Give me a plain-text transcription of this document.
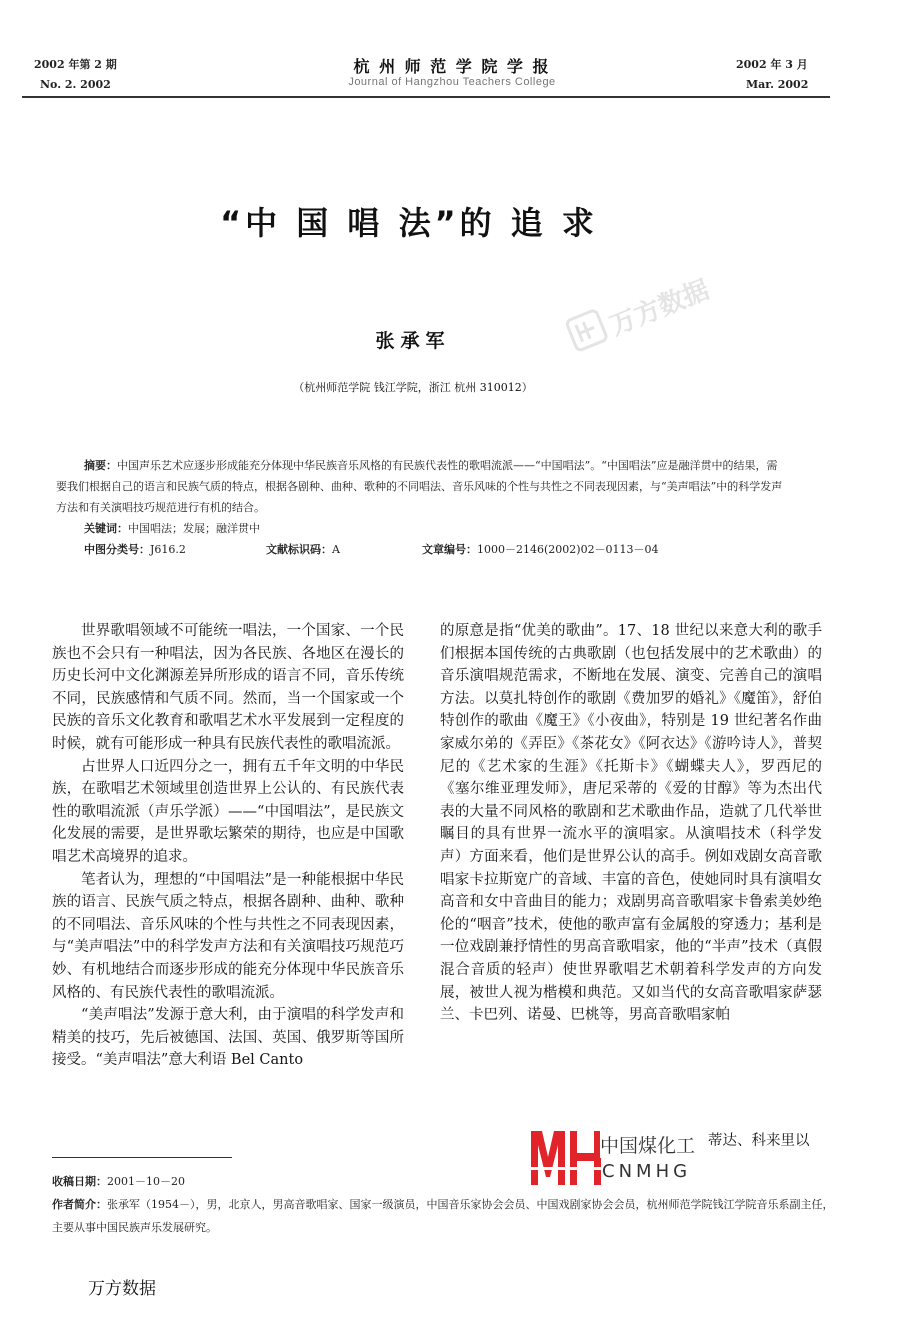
2002 年第 2 期
No. 2. 2002
杭 州 师 范 学 院 学 报
Journal of Hangzhou Teachers College
2002 年 3 月
Mar. 2002
“中 国 唱 法”的 追 求
张承军
（杭州师范学院 钱江学院，浙江 杭州 310012）
万方数据
摘要：中国声乐艺术应逐步形成能充分体现中华民族音乐风格的有民族代表性的歌唱流派——“中国唱法”。“中国唱法”应是融洋贯中的结果，需要我们根据自己的语言和民族气质的特点，根据各剧种、曲种、歌种的不同唱法、音乐风味的个性与共性之不同表现因素，与“美声唱法”中的科学发声方法和有关演唱技巧规范进行有机的结合。
关键词：中国唱法；发展；融洋贯中
中图分类号：J616.2	文献标识码：A	文章编号：1000－2146(2002)02－0113－04

世界歌唱领域不可能统一唱法，一个国家、一个民族也不会只有一种唱法，因为各民族、各地区在漫长的历史长河中文化渊源差异所形成的语言不同，音乐传统不同，民族感情和气质不同。然而，当一个国家或一个民族的音乐文化教育和歌唱艺术水平发展到一定程度的时候，就有可能形成一种具有民族代表性的歌唱流派。

占世界人口近四分之一，拥有五千年文明的中华民族，在歌唱艺术领域里创造世界上公认的、有民族代表性的歌唱流派（声乐学派）——“中国唱法”，是民族文化发展的需要，是世界歌坛繁荣的期待，也应是中国歌唱艺术高境界的追求。

笔者认为，理想的“中国唱法”是一种能根据中华民族的语言、民族气质之特点，根据各剧种、曲种、歌种的不同唱法、音乐风味的个性与共性之不同表现因素，与“美声唱法”中的科学发声方法和有关演唱技巧规范巧妙、有机地结合而逐步形成的能充分体现中华民族音乐风格的、有民族代表性的歌唱流派。

“美声唱法”发源于意大利，由于演唱的科学发声和精美的技巧，先后被德国、法国、英国、俄罗斯等国所接受。“美声唱法”意大利语 Bel Canto

的原意是指“优美的歌曲”。17、18 世纪以来意大利的歌手们根据本国传统的古典歌剧（也包括发展中的艺术歌曲）的音乐演唱规范需求，不断地在发展、演变、完善自己的演唱方法。以莫扎特创作的歌剧《费加罗的婚礼》《魔笛》，舒伯特创作的歌曲《魔王》《小夜曲》，特别是 19 世纪著名作曲家威尔弟的《弄臣》《茶花女》《阿衣达》《游吟诗人》，普契尼的《艺术家的生涯》《托斯卡》《蝴蝶夫人》，罗西尼的《塞尔维亚理发师》，唐尼采蒂的《爱的甘醇》等为杰出代表的大量不同风格的歌剧和艺术歌曲作品，造就了几代举世瞩目的具有世界一流水平的演唱家。从演唱技术（科学发声）方面来看，他们是世界公认的高手。例如戏剧女高音歌唱家卡拉斯宽广的音域、丰富的音色，使她同时具有演唱女高音和女中音曲目的能力；戏剧男高音歌唱家卡鲁索美妙绝伦的“咽音”技术，使他的歌声富有金属般的穿透力；基利是一位戏剧兼抒情性的男高音歌唱家，他的“半声”技术（真假混合音质的轻声）使世界歌唱艺术朝着科学发声的方向发展，被世人视为楷模和典范。又如当代的女高音歌唱家萨瑟兰、卡巴列、诺曼、巴桃等，男高音歌唱家帕

蒂达、科来里以
中国煤化工
CNMHG
收稿日期：2001－10－20
作者简介：张承军（1954－），男，北京人，男高音歌唱家、国家一级演员，中国音乐家协会会员、中国戏剧家协会会员，杭州师范学院钱江学院音乐系副主任，主要从事中国民族声乐发展研究。
万方数据
